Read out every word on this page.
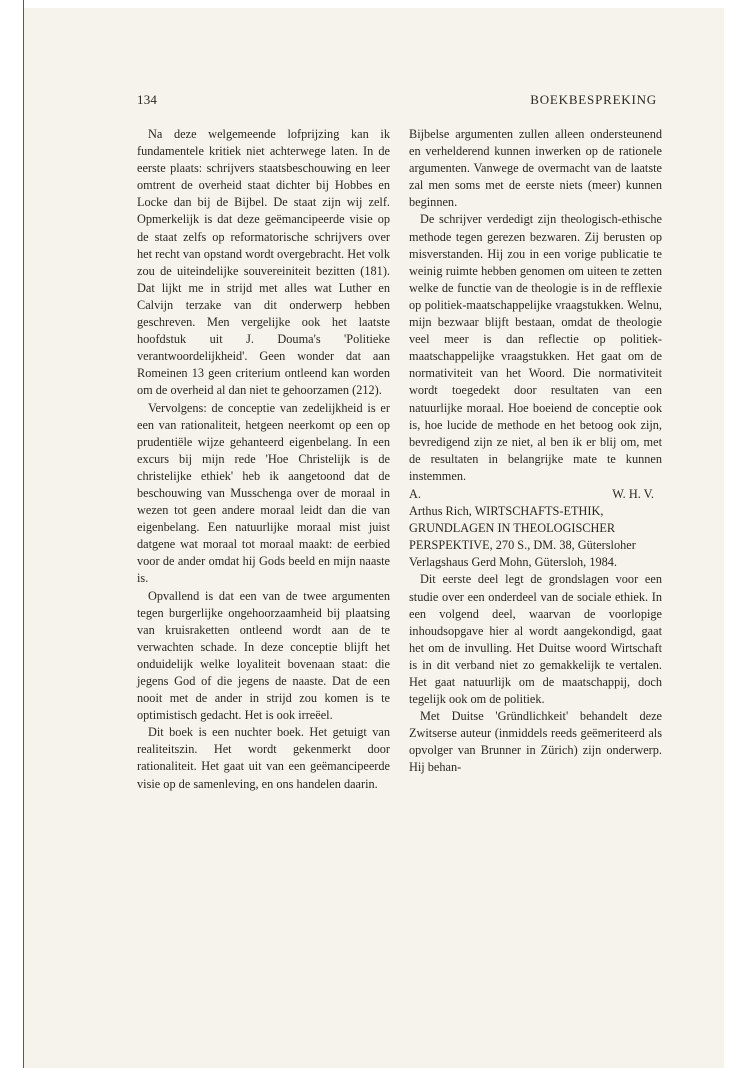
134	BOEKBESPREKING

Na deze welgemeende lofprijzing kan ik fundamentele kritiek niet achterwege laten. In de eerste plaats: schrijvers staatsbeschouwing en leer omtrent de overheid staat dichter bij Hobbes en Locke dan bij de Bijbel. De staat zijn wij zelf. Opmerkelijk is dat deze geëmancipeerde visie op de staat zelfs op reformatorische schrijvers over het recht van opstand wordt overgebracht. Het volk zou de uiteindelijke souvereiniteit bezitten (181). Dat lijkt me in strijd met alles wat Luther en Calvijn terzake van dit onderwerp hebben geschreven. Men vergelijke ook het laatste hoofdstuk uit J. Douma's 'Politieke verantwoordelijkheid'. Geen wonder dat aan Romeinen 13 geen criterium ontleend kan worden om de overheid al dan niet te gehoorzamen (212).

Vervolgens: de conceptie van zedelijkheid is er een van rationaliteit, hetgeen neerkomt op een op prudentiële wijze gehanteerd eigenbelang. In een excurs bij mijn rede 'Hoe Christelijk is de christelijke ethiek' heb ik aangetoond dat de beschouwing van Musschenga over de moraal in wezen tot geen andere moraal leidt dan die van eigenbelang. Een natuurlijke moraal mist juist datgene wat moraal tot moraal maakt: de eerbied voor de ander omdat hij Gods beeld en mijn naaste is.

Opvallend is dat een van de twee argumenten tegen burgerlijke ongehoorzaamheid bij plaatsing van kruisraketten ontleend wordt aan de te verwachten schade. In deze conceptie blijft het onduidelijk welke loyaliteit bovenaan staat: die jegens God of die jegens de naaste. Dat de een nooit met de ander in strijd zou komen is te optimistisch gedacht. Het is ook irreëel.

Dit boek is een nuchter boek. Het getuigt van realiteitszin. Het wordt gekenmerkt door rationaliteit. Het gaat uit van een geëmancipeerde visie op de samenleving, en ons handelen daarin.

Bijbelse argumenten zullen alleen ondersteunend en verhelderend kunnen inwerken op de rationele argumenten. Vanwege de overmacht van de laatste zal men soms met de eerste niets (meer) kunnen beginnen.

De schrijver verdedigt zijn theologisch-ethische methode tegen gerezen bezwaren. Zij berusten op misverstanden. Hij zou in een vorige publicatie te weinig ruimte hebben genomen om uiteen te zetten welke de functie van de theologie is in de refflexie op politiek-maatschappelijke vraagstukken. Welnu, mijn bezwaar blijft bestaan, omdat de theologie veel meer is dan reflectie op politiek-maatschappelijke vraagstukken. Het gaat om de normativiteit van het Woord. Die normativiteit wordt toegedekt door resultaten van een natuurlijke moraal. Hoe boeiend de conceptie ook is, hoe lucide de methode en het betoog ook zijn, bevredigend zijn ze niet, al ben ik er blij om, met de resultaten in belangrijke mate te kunnen instemmen.

A.	W. H. V.

Arthus Rich, WIRTSCHAFTS-ETHIK, GRUNDLAGEN IN THEOLOGISCHER PERSPEKTIVE, 270 S., DM. 38, Gütersloher Verlagshaus Gerd Mohn, Gütersloh, 1984.

Dit eerste deel legt de grondslagen voor een studie over een onderdeel van de sociale ethiek. In een volgend deel, waarvan de voorlopige inhoudsopgave hier al wordt aangekondigd, gaat het om de invulling. Het Duitse woord Wirtschaft is in dit verband niet zo gemakkelijk te vertalen. Het gaat natuurlijk om de maatschappij, doch tegelijk ook om de politiek.

Met Duitse 'Gründlichkeit' behandelt deze Zwitserse auteur (inmiddels reeds geëmeriteerd als opvolger van Brunner in Zürich) zijn onderwerp. Hij behan-
